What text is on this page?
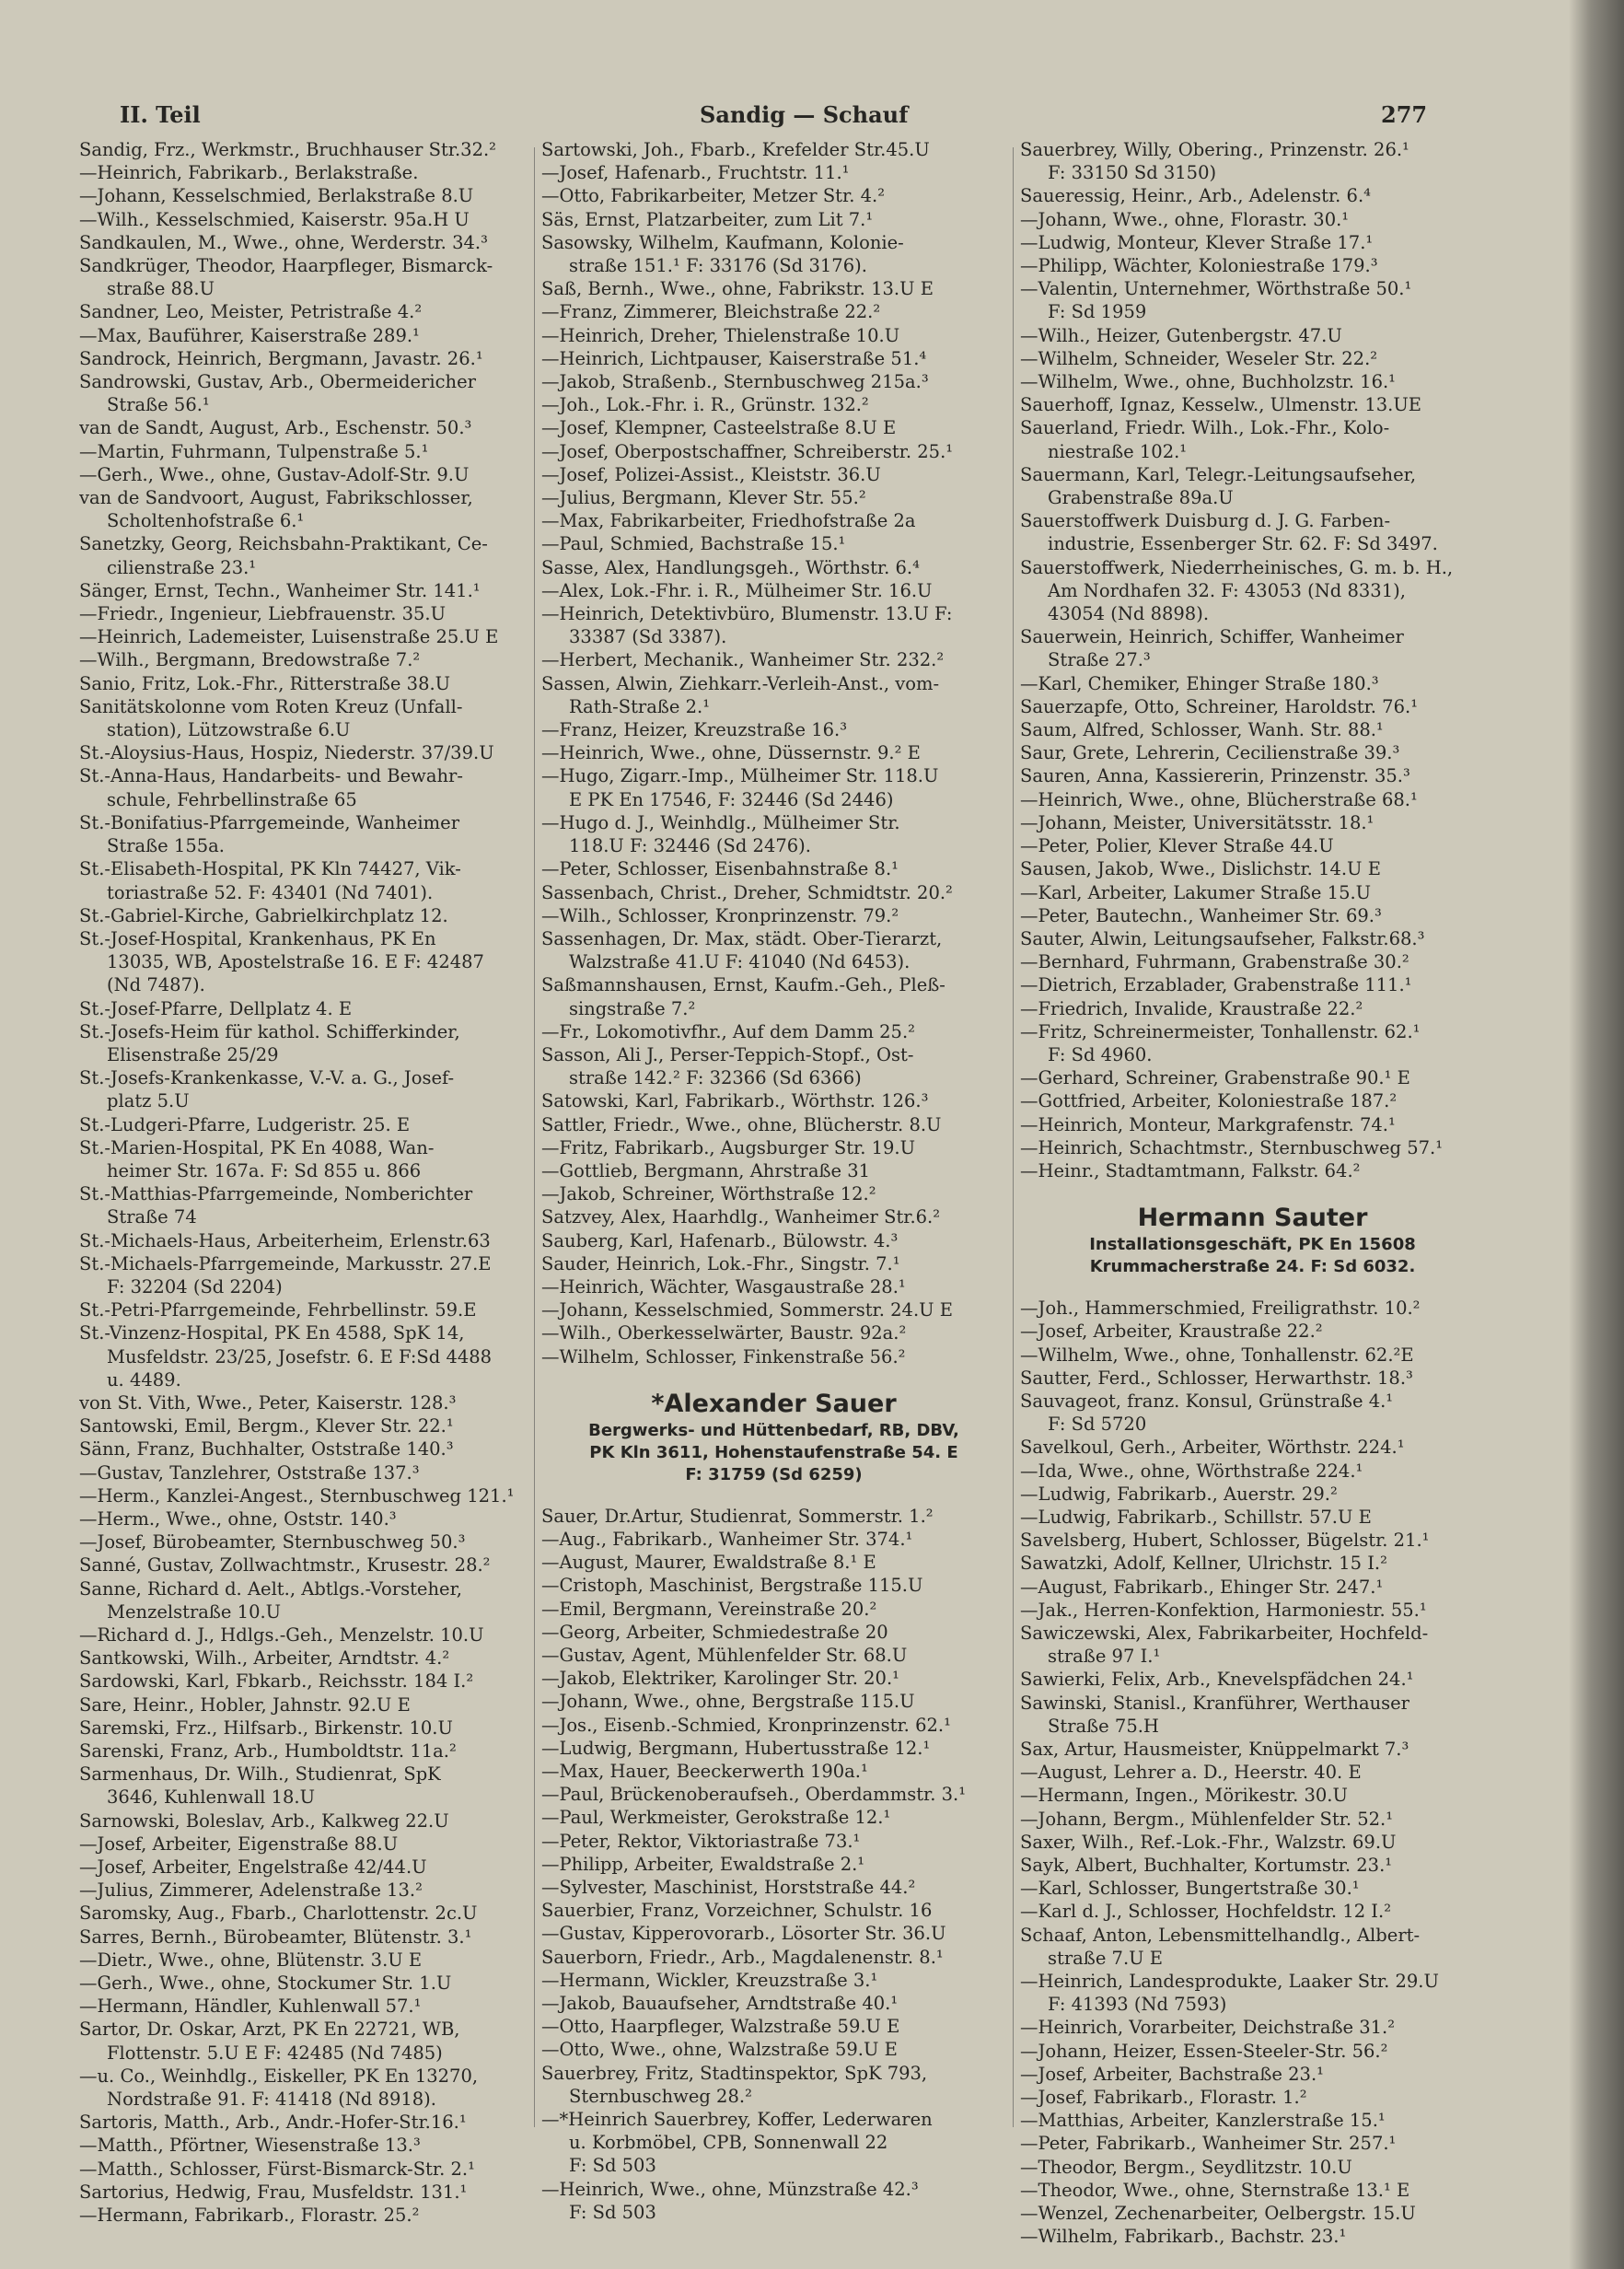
II. Teil	Sandig — Schauf	277
Sandig, Frz., Werkmstr., Bruchhauser Str.32.²
—Heinrich, Fabrikarb., Berlakstraße.
—Johann, Kesselschmied, Berlakstraße 8.U
—Wilh., Kesselschmied, Kaiserstr. 95a.H U
Sandkaulen, M., Wwe., ohne, Werderstr. 34.³
Sandkrüger, Theodor, Haarpfleger, Bismarck-
straße 88.U
Sandner, Leo, Meister, Petristraße 4.²
—Max, Bauführer, Kaiserstraße 289.¹
Sandrock, Heinrich, Bergmann, Javastr. 26.¹
Sandrowski, Gustav, Arb., Obermeidericher
Straße 56.¹
van de Sandt, August, Arb., Eschenstr. 50.³
—Martin, Fuhrmann, Tulpenstraße 5.¹
—Gerh., Wwe., ohne, Gustav-Adolf-Str. 9.U
van de Sandvoort, August, Fabrikschlosser,
Scholtenhofstraße 6.¹
Sanetzky, Georg, Reichsbahn-Praktikant, Ce-
cilienstraße 23.¹
Sänger, Ernst, Techn., Wanheimer Str. 141.¹
—Friedr., Ingenieur, Liebfrauenstr. 35.U
—Heinrich, Lademeister, Luisenstraße 25.U E
—Wilh., Bergmann, Bredowstraße 7.²
Sanio, Fritz, Lok.-Fhr., Ritterstraße 38.U
Sanitätskolonne vom Roten Kreuz (Unfall-
station), Lützowstraße 6.U
St.-Aloysius-Haus, Hospiz, Niederstr. 37/39.U
St.-Anna-Haus, Handarbeits- und Bewahr-
schule, Fehrbellinstraße 65
St.-Bonifatius-Pfarrgemeinde, Wanheimer
Straße 155a.
St.-Elisabeth-Hospital, PK Kln 74427, Vik-
toriastraße 52. F: 43401 (Nd 7401).
St.-Gabriel-Kirche, Gabrielkirchplatz 12.
St.-Josef-Hospital, Krankenhaus, PK En
13035, WB, Apostelstraße 16. E F: 42487
(Nd 7487).
St.-Josef-Pfarre, Dellplatz 4. E
St.-Josefs-Heim für kathol. Schifferkinder,
Elisenstraße 25/29
St.-Josefs-Krankenkasse, V.-V. a. G., Josef-
platz 5.U
St.-Ludgeri-Pfarre, Ludgeristr. 25. E
St.-Marien-Hospital, PK En 4088, Wan-
heimer Str. 167a. F: Sd 855 u. 866
St.-Matthias-Pfarrgemeinde, Nomberichter
Straße 74
St.-Michaels-Haus, Arbeiterheim, Erlenstr.63
St.-Michaels-Pfarrgemeinde, Markusstr. 27.E
F: 32204 (Sd 2204)
St.-Petri-Pfarrgemeinde, Fehrbellinstr. 59.E
St.-Vinzenz-Hospital, PK En 4588, SpK 14,
Musfeldstr. 23/25, Josefstr. 6. E F:Sd 4488
u. 4489.
von St. Vith, Wwe., Peter, Kaiserstr. 128.³
Santowski, Emil, Bergm., Klever Str. 22.¹
Sänn, Franz, Buchhalter, Oststraße 140.³
—Gustav, Tanzlehrer, Oststraße 137.³
—Herm., Kanzlei-Angest., Sternbuschweg 121.¹
—Herm., Wwe., ohne, Oststr. 140.³
—Josef, Bürobeamter, Sternbuschweg 50.³
Sanné, Gustav, Zollwachtmstr., Krusestr. 28.²
Sanne, Richard d. Aelt., Abtlgs.-Vorsteher,
Menzelstraße 10.U
—Richard d. J., Hdlgs.-Geh., Menzelstr. 10.U
Santkowski, Wilh., Arbeiter, Arndtstr. 4.²
Sardowski, Karl, Fbkarb., Reichsstr. 184 I.²
Sare, Heinr., Hobler, Jahnstr. 92.U E
Saremski, Frz., Hilfsarb., Birkenstr. 10.U
Sarenski, Franz, Arb., Humboldtstr. 11a.²
Sarmenhaus, Dr. Wilh., Studienrat, SpK
3646, Kuhlenwall 18.U
Sarnowski, Boleslav, Arb., Kalkweg 22.U
—Josef, Arbeiter, Eigenstraße 88.U
—Josef, Arbeiter, Engelstraße 42/44.U
—Julius, Zimmerer, Adelenstraße 13.²
Saromsky, Aug., Fbarb., Charlottenstr. 2c.U
Sarres, Bernh., Bürobeamter, Blütenstr. 3.¹
—Dietr., Wwe., ohne, Blütenstr. 3.U E
—Gerh., Wwe., ohne, Stockumer Str. 1.U
—Hermann, Händler, Kuhlenwall 57.¹
Sartor, Dr. Oskar, Arzt, PK En 22721, WB,
Flottenstr. 5.U E F: 42485 (Nd 7485)
—u. Co., Weinhdlg., Eiskeller, PK En 13270,
Nordstraße 91. F: 41418 (Nd 8918).
Sartoris, Matth., Arb., Andr.-Hofer-Str.16.¹
—Matth., Pförtner, Wiesenstraße 13.³
—Matth., Schlosser, Fürst-Bismarck-Str. 2.¹
Sartorius, Hedwig, Frau, Musfeldstr. 131.¹
—Hermann, Fabrikarb., Florastr. 25.²
Sartowski, Joh., Fbarb., Krefelder Str.45.U
—Josef, Hafenarb., Fruchtstr. 11.¹
—Otto, Fabrikarbeiter, Metzer Str. 4.²
Säs, Ernst, Platzarbeiter, zum Lit 7.¹
Sasowsky, Wilhelm, Kaufmann, Kolonie-
straße 151.¹ F: 33176 (Sd 3176).
Saß, Bernh., Wwe., ohne, Fabrikstr. 13.U E
—Franz, Zimmerer, Bleichstraße 22.²
—Heinrich, Dreher, Thielenstraße 10.U
—Heinrich, Lichtpauser, Kaiserstraße 51.⁴
—Jakob, Straßenb., Sternbuschweg 215a.³
—Joh., Lok.-Fhr. i. R., Grünstr. 132.²
—Josef, Klempner, Casteelstraße 8.U E
—Josef, Oberpostschaffner, Schreiberstr. 25.¹
—Josef, Polizei-Assist., Kleiststr. 36.U
—Julius, Bergmann, Klever Str. 55.²
—Max, Fabrikarbeiter, Friedhofstraße 2a
—Paul, Schmied, Bachstraße 15.¹
Sasse, Alex, Handlungsgeh., Wörthstr. 6.⁴
—Alex, Lok.-Fhr. i. R., Mülheimer Str. 16.U
—Heinrich, Detektivbüro, Blumenstr. 13.U F:
33387 (Sd 3387).
—Herbert, Mechanik., Wanheimer Str. 232.²
Sassen, Alwin, Ziehkarr.-Verleih-Anst., vom-
Rath-Straße 2.¹
—Franz, Heizer, Kreuzstraße 16.³
—Heinrich, Wwe., ohne, Düssernstr. 9.² E
—Hugo, Zigarr.-Imp., Mülheimer Str. 118.U
E PK En 17546, F: 32446 (Sd 2446)
—Hugo d. J., Weinhdlg., Mülheimer Str.
118.U F: 32446 (Sd 2476).
—Peter, Schlosser, Eisenbahnstraße 8.¹
Sassenbach, Christ., Dreher, Schmidtstr. 20.²
—Wilh., Schlosser, Kronprinzenstr. 79.²
Sassenhagen, Dr. Max, städt. Ober-Tierarzt,
Walzstraße 41.U F: 41040 (Nd 6453).
Saßmannshausen, Ernst, Kaufm.-Geh., Pleß-
singstraße 7.²
—Fr., Lokomotivfhr., Auf dem Damm 25.²
Sasson, Ali J., Perser-Teppich-Stopf., Ost-
straße 142.² F: 32366 (Sd 6366)
Satowski, Karl, Fabrikarb., Wörthstr. 126.³
Sattler, Friedr., Wwe., ohne, Blücherstr. 8.U
—Fritz, Fabrikarb., Augsburger Str. 19.U
—Gottlieb, Bergmann, Ahrstraße 31
—Jakob, Schreiner, Wörthstraße 12.²
Satzvey, Alex, Haarhdlg., Wanheimer Str.6.²
Sauberg, Karl, Hafenarb., Bülowstr. 4.³
Sauder, Heinrich, Lok.-Fhr., Singstr. 7.¹
—Heinrich, Wächter, Wasgaustraße 28.¹
—Johann, Kesselschmied, Sommerstr. 24.U E
—Wilh., Oberkesselwärter, Baustr. 92a.²
—Wilhelm, Schlosser, Finkenstraße 56.²
*Alexander Sauer
Bergwerks- und Hüttenbedarf, RB, DBV,
PK Kln 3611, Hohenstaufenstraße 54. E
F: 31759 (Sd 6259)
Sauer, Dr.Artur, Studienrat, Sommerstr. 1.²
—Aug., Fabrikarb., Wanheimer Str. 374.¹
—August, Maurer, Ewaldstraße 8.¹ E
—Cristoph, Maschinist, Bergstraße 115.U
—Emil, Bergmann, Vereinstraße 20.²
—Georg, Arbeiter, Schmiedestraße 20
—Gustav, Agent, Mühlenfelder Str. 68.U
—Jakob, Elektriker, Karolinger Str. 20.¹
—Johann, Wwe., ohne, Bergstraße 115.U
—Jos., Eisenb.-Schmied, Kronprinzenstr. 62.¹
—Ludwig, Bergmann, Hubertusstraße 12.¹
—Max, Hauer, Beeckerwerth 190a.¹
—Paul, Brückenoberaufseh., Oberdammstr. 3.¹
—Paul, Werkmeister, Gerokstraße 12.¹
—Peter, Rektor, Viktoriastraße 73.¹
—Philipp, Arbeiter, Ewaldstraße 2.¹
—Sylvester, Maschinist, Horststraße 44.²
Sauerbier, Franz, Vorzeichner, Schulstr. 16
—Gustav, Kipperovorarb., Lösorter Str. 36.U
Sauerborn, Friedr., Arb., Magdalenenstr. 8.¹
—Hermann, Wickler, Kreuzstraße 3.¹
—Jakob, Bauaufseher, Arndtstraße 40.¹
—Otto, Haarpfleger, Walzstraße 59.U E
—Otto, Wwe., ohne, Walzstraße 59.U E
Sauerbrey, Fritz, Stadtinspektor, SpK 793,
Sternbuschweg 28.²
—*Heinrich Sauerbrey, Koffer, Lederwaren
u. Korbmöbel, CPB, Sonnenwall 22
F: Sd 503
—Heinrich, Wwe., ohne, Münzstraße 42.³
F: Sd 503
Sauerbrey, Willy, Obering., Prinzenstr. 26.¹
F: 33150 Sd 3150)
Saueressig, Heinr., Arb., Adelenstr. 6.⁴
—Johann, Wwe., ohne, Florastr. 30.¹
—Ludwig, Monteur, Klever Straße 17.¹
—Philipp, Wächter, Koloniestraße 179.³
—Valentin, Unternehmer, Wörthstraße 50.¹
F: Sd 1959
—Wilh., Heizer, Gutenbergstr. 47.U
—Wilhelm, Schneider, Weseler Str. 22.²
—Wilhelm, Wwe., ohne, Buchholzstr. 16.¹
Sauerhoff, Ignaz, Kesselw., Ulmenstr. 13.UE
Sauerland, Friedr. Wilh., Lok.-Fhr., Kolo-
niestraße 102.¹
Sauermann, Karl, Telegr.-Leitungsaufseher,
Grabenstraße 89a.U
Sauerstoffwerk Duisburg d. J. G. Farben-
industrie, Essenberger Str. 62. F: Sd 3497.
Sauerstoffwerk, Niederrheinisches, G. m. b. H.,
Am Nordhafen 32. F: 43053 (Nd 8331),
43054 (Nd 8898).
Sauerwein, Heinrich, Schiffer, Wanheimer
Straße 27.³
—Karl, Chemiker, Ehinger Straße 180.³
Sauerzapfe, Otto, Schreiner, Haroldstr. 76.¹
Saum, Alfred, Schlosser, Wanh. Str. 88.¹
Saur, Grete, Lehrerin, Cecilienstraße 39.³
Sauren, Anna, Kassiererin, Prinzenstr. 35.³
—Heinrich, Wwe., ohne, Blücherstraße 68.¹
—Johann, Meister, Universitätsstr. 18.¹
—Peter, Polier, Klever Straße 44.U
Sausen, Jakob, Wwe., Dislichstr. 14.U E
—Karl, Arbeiter, Lakumer Straße 15.U
—Peter, Bautechn., Wanheimer Str. 69.³
Sauter, Alwin, Leitungsaufseher, Falkstr.68.³
—Bernhard, Fuhrmann, Grabenstraße 30.²
—Dietrich, Erzablader, Grabenstraße 111.¹
—Friedrich, Invalide, Kraustraße 22.²
—Fritz, Schreinermeister, Tonhallenstr. 62.¹
F: Sd 4960.
—Gerhard, Schreiner, Grabenstraße 90.¹ E
—Gottfried, Arbeiter, Koloniestraße 187.²
—Heinrich, Monteur, Markgrafenstr. 74.¹
—Heinrich, Schachtmstr., Sternbuschweg 57.¹
—Heinr., Stadtamtmann, Falkstr. 64.²
Hermann Sauter
Installationsgeschäft, PK En 15608
Krummacherstraße 24. F: Sd 6032.
—Joh., Hammerschmied, Freiligrathstr. 10.²
—Josef, Arbeiter, Kraustraße 22.²
—Wilhelm, Wwe., ohne, Tonhallenstr. 62.²E
Sautter, Ferd., Schlosser, Herwarthstr. 18.³
Sauvageot, franz. Konsul, Grünstraße 4.¹
F: Sd 5720
Savelkoul, Gerh., Arbeiter, Wörthstr. 224.¹
—Ida, Wwe., ohne, Wörthstraße 224.¹
—Ludwig, Fabrikarb., Auerstr. 29.²
—Ludwig, Fabrikarb., Schillstr. 57.U E
Savelsberg, Hubert, Schlosser, Bügelstr. 21.¹
Sawatzki, Adolf, Kellner, Ulrichstr. 15 I.²
—August, Fabrikarb., Ehinger Str. 247.¹
—Jak., Herren-Konfektion, Harmoniestr. 55.¹
Sawiczewski, Alex, Fabrikarbeiter, Hochfeld-
straße 97 I.¹
Sawierki, Felix, Arb., Knevelspfädchen 24.¹
Sawinski, Stanisl., Kranführer, Werthauser
Straße 75.H
Sax, Artur, Hausmeister, Knüppelmarkt 7.³
—August, Lehrer a. D., Heerstr. 40. E
—Hermann, Ingen., Mörikestr. 30.U
—Johann, Bergm., Mühlenfelder Str. 52.¹
Saxer, Wilh., Ref.-Lok.-Fhr., Walzstr. 69.U
Sayk, Albert, Buchhalter, Kortumstr. 23.¹
—Karl, Schlosser, Bungertstraße 30.¹
—Karl d. J., Schlosser, Hochfeldstr. 12 I.²
Schaaf, Anton, Lebensmittelhandlg., Albert-
straße 7.U E
—Heinrich, Landesprodukte, Laaker Str. 29.U
F: 41393 (Nd 7593)
—Heinrich, Vorarbeiter, Deichstraße 31.²
—Johann, Heizer, Essen-Steeler-Str. 56.²
—Josef, Arbeiter, Bachstraße 23.¹
—Josef, Fabrikarb., Florastr. 1.²
—Matthias, Arbeiter, Kanzlerstraße 15.¹
—Peter, Fabrikarb., Wanheimer Str. 257.¹
—Theodor, Bergm., Seydlitzstr. 10.U
—Theodor, Wwe., ohne, Sternstraße 13.¹ E
—Wenzel, Zechenarbeiter, Oelbergstr. 15.U
—Wilhelm, Fabrikarb., Bachstr. 23.¹
